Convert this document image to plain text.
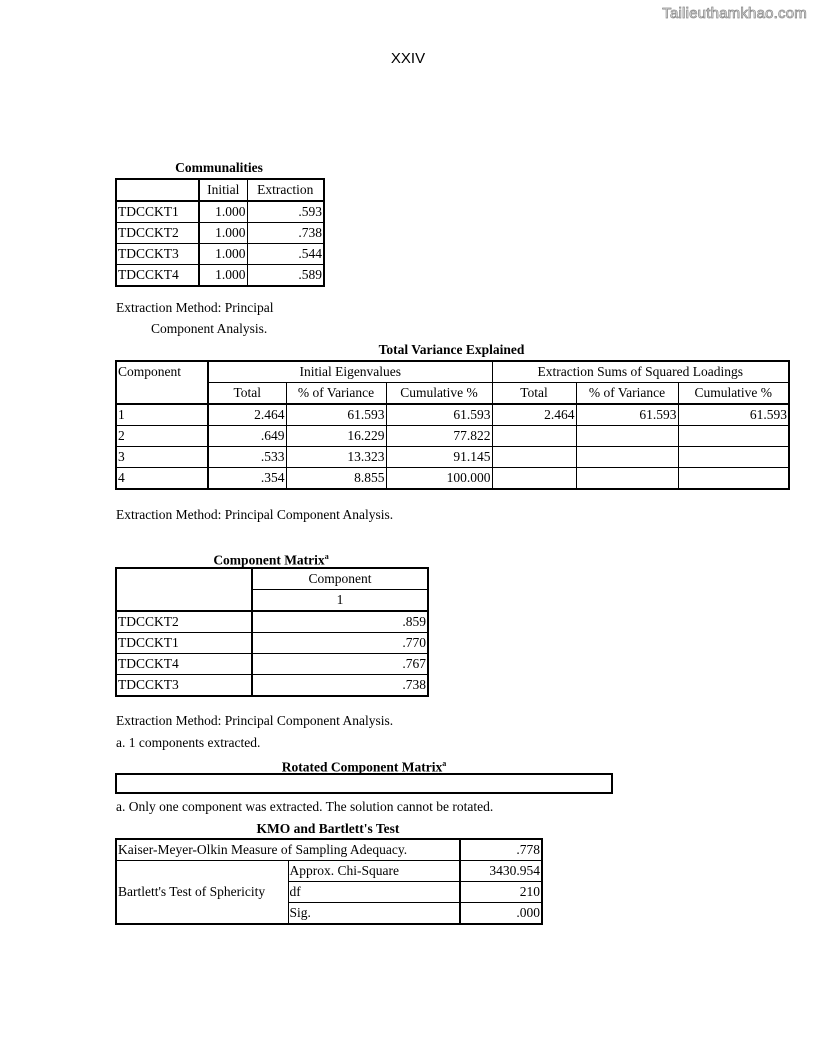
Tailieuthamkhao.com
XXIV
Communalities
	Initial	Extraction
TDCCKT1	1.000	.593
TDCCKT2	1.000	.738
TDCCKT3	1.000	.544
TDCCKT4	1.000	.589
Extraction Method: Principal
Component Analysis.
Total Variance Explained
Component	Initial Eigenvalues			Extraction Sums of Squared Loadings		
	Total	% of Variance	Cumulative %	Total	% of Variance	Cumulative %
1	2.464	61.593	61.593	2.464	61.593	61.593
2	.649	16.229	77.822			
3	.533	13.323	91.145			
4	.354	8.855	100.000			
Extraction Method: Principal Component Analysis.
Component Matrix$^a$
	Component
	1
TDCCKT2	.859
TDCCKT1	.770
TDCCKT4	.767
TDCCKT3	.738
Extraction Method: Principal Component Analysis.
a. 1 components extracted.
Rotated Component Matrix$^a$
a. Only one component was extracted. The solution cannot be rotated.
KMO and Bartlett's Test
Kaiser-Meyer-Olkin Measure of Sampling Adequacy.		.778
Bartlett's Test of Sphericity	Approx. Chi-Square	3430.954
	df	210
	Sig.	.000
